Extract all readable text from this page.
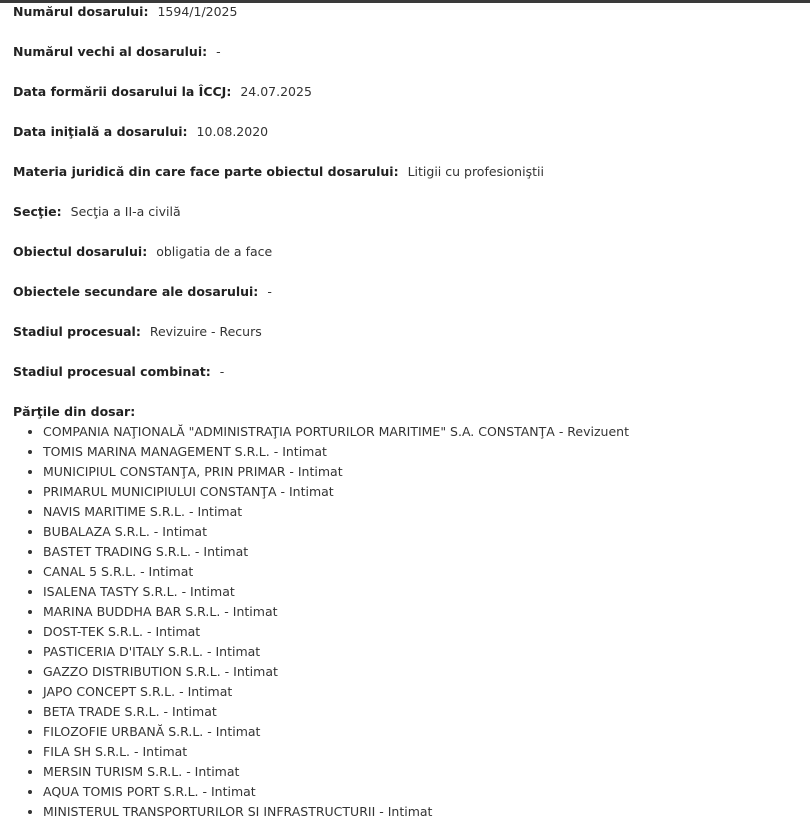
Numărul dosarului: 1594/1/2025
Numărul vechi al dosarului: -
Data formării dosarului la ÎCCJ: 24.07.2025
Data iniţială a dosarului: 10.08.2020
Materia juridică din care face parte obiectul dosarului: Litigii cu profesioniştii
Secţie: Secţia a II-a civilă
Obiectul dosarului: obligatia de a face
Obiectele secundare ale dosarului: -
Stadiul procesual: Revizuire - Recurs
Stadiul procesual combinat: -
Părţile din dosar:
• COMPANIA NAŢIONALĂ "ADMINISTRAŢIA PORTURILOR MARITIME" S.A. CONSTANŢA - Revizuent
• TOMIS MARINA MANAGEMENT S.R.L. - Intimat
• MUNICIPIUL CONSTANŢA, PRIN PRIMAR - Intimat
• PRIMARUL MUNICIPIULUI CONSTANŢA - Intimat
• NAVIS MARITIME S.R.L. - Intimat
• BUBALAZA S.R.L. - Intimat
• BASTET TRADING S.R.L. - Intimat
• CANAL 5 S.R.L. - Intimat
• ISALENA TASTY S.R.L. - Intimat
• MARINA BUDDHA BAR S.R.L. - Intimat
• DOST-TEK S.R.L. - Intimat
• PASTICERIA D'ITALY S.R.L. - Intimat
• GAZZO DISTRIBUTION S.R.L. - Intimat
• JAPO CONCEPT S.R.L. - Intimat
• BETA TRADE S.R.L. - Intimat
• FILOZOFIE URBANĂ S.R.L. - Intimat
• FILA SH S.R.L. - Intimat
• MERSIN TURISM S.R.L. - Intimat
• AQUA TOMIS PORT S.R.L. - Intimat
• MINISTERUL TRANSPORTURILOR SI INFRASTRUCTURII - Intimat
